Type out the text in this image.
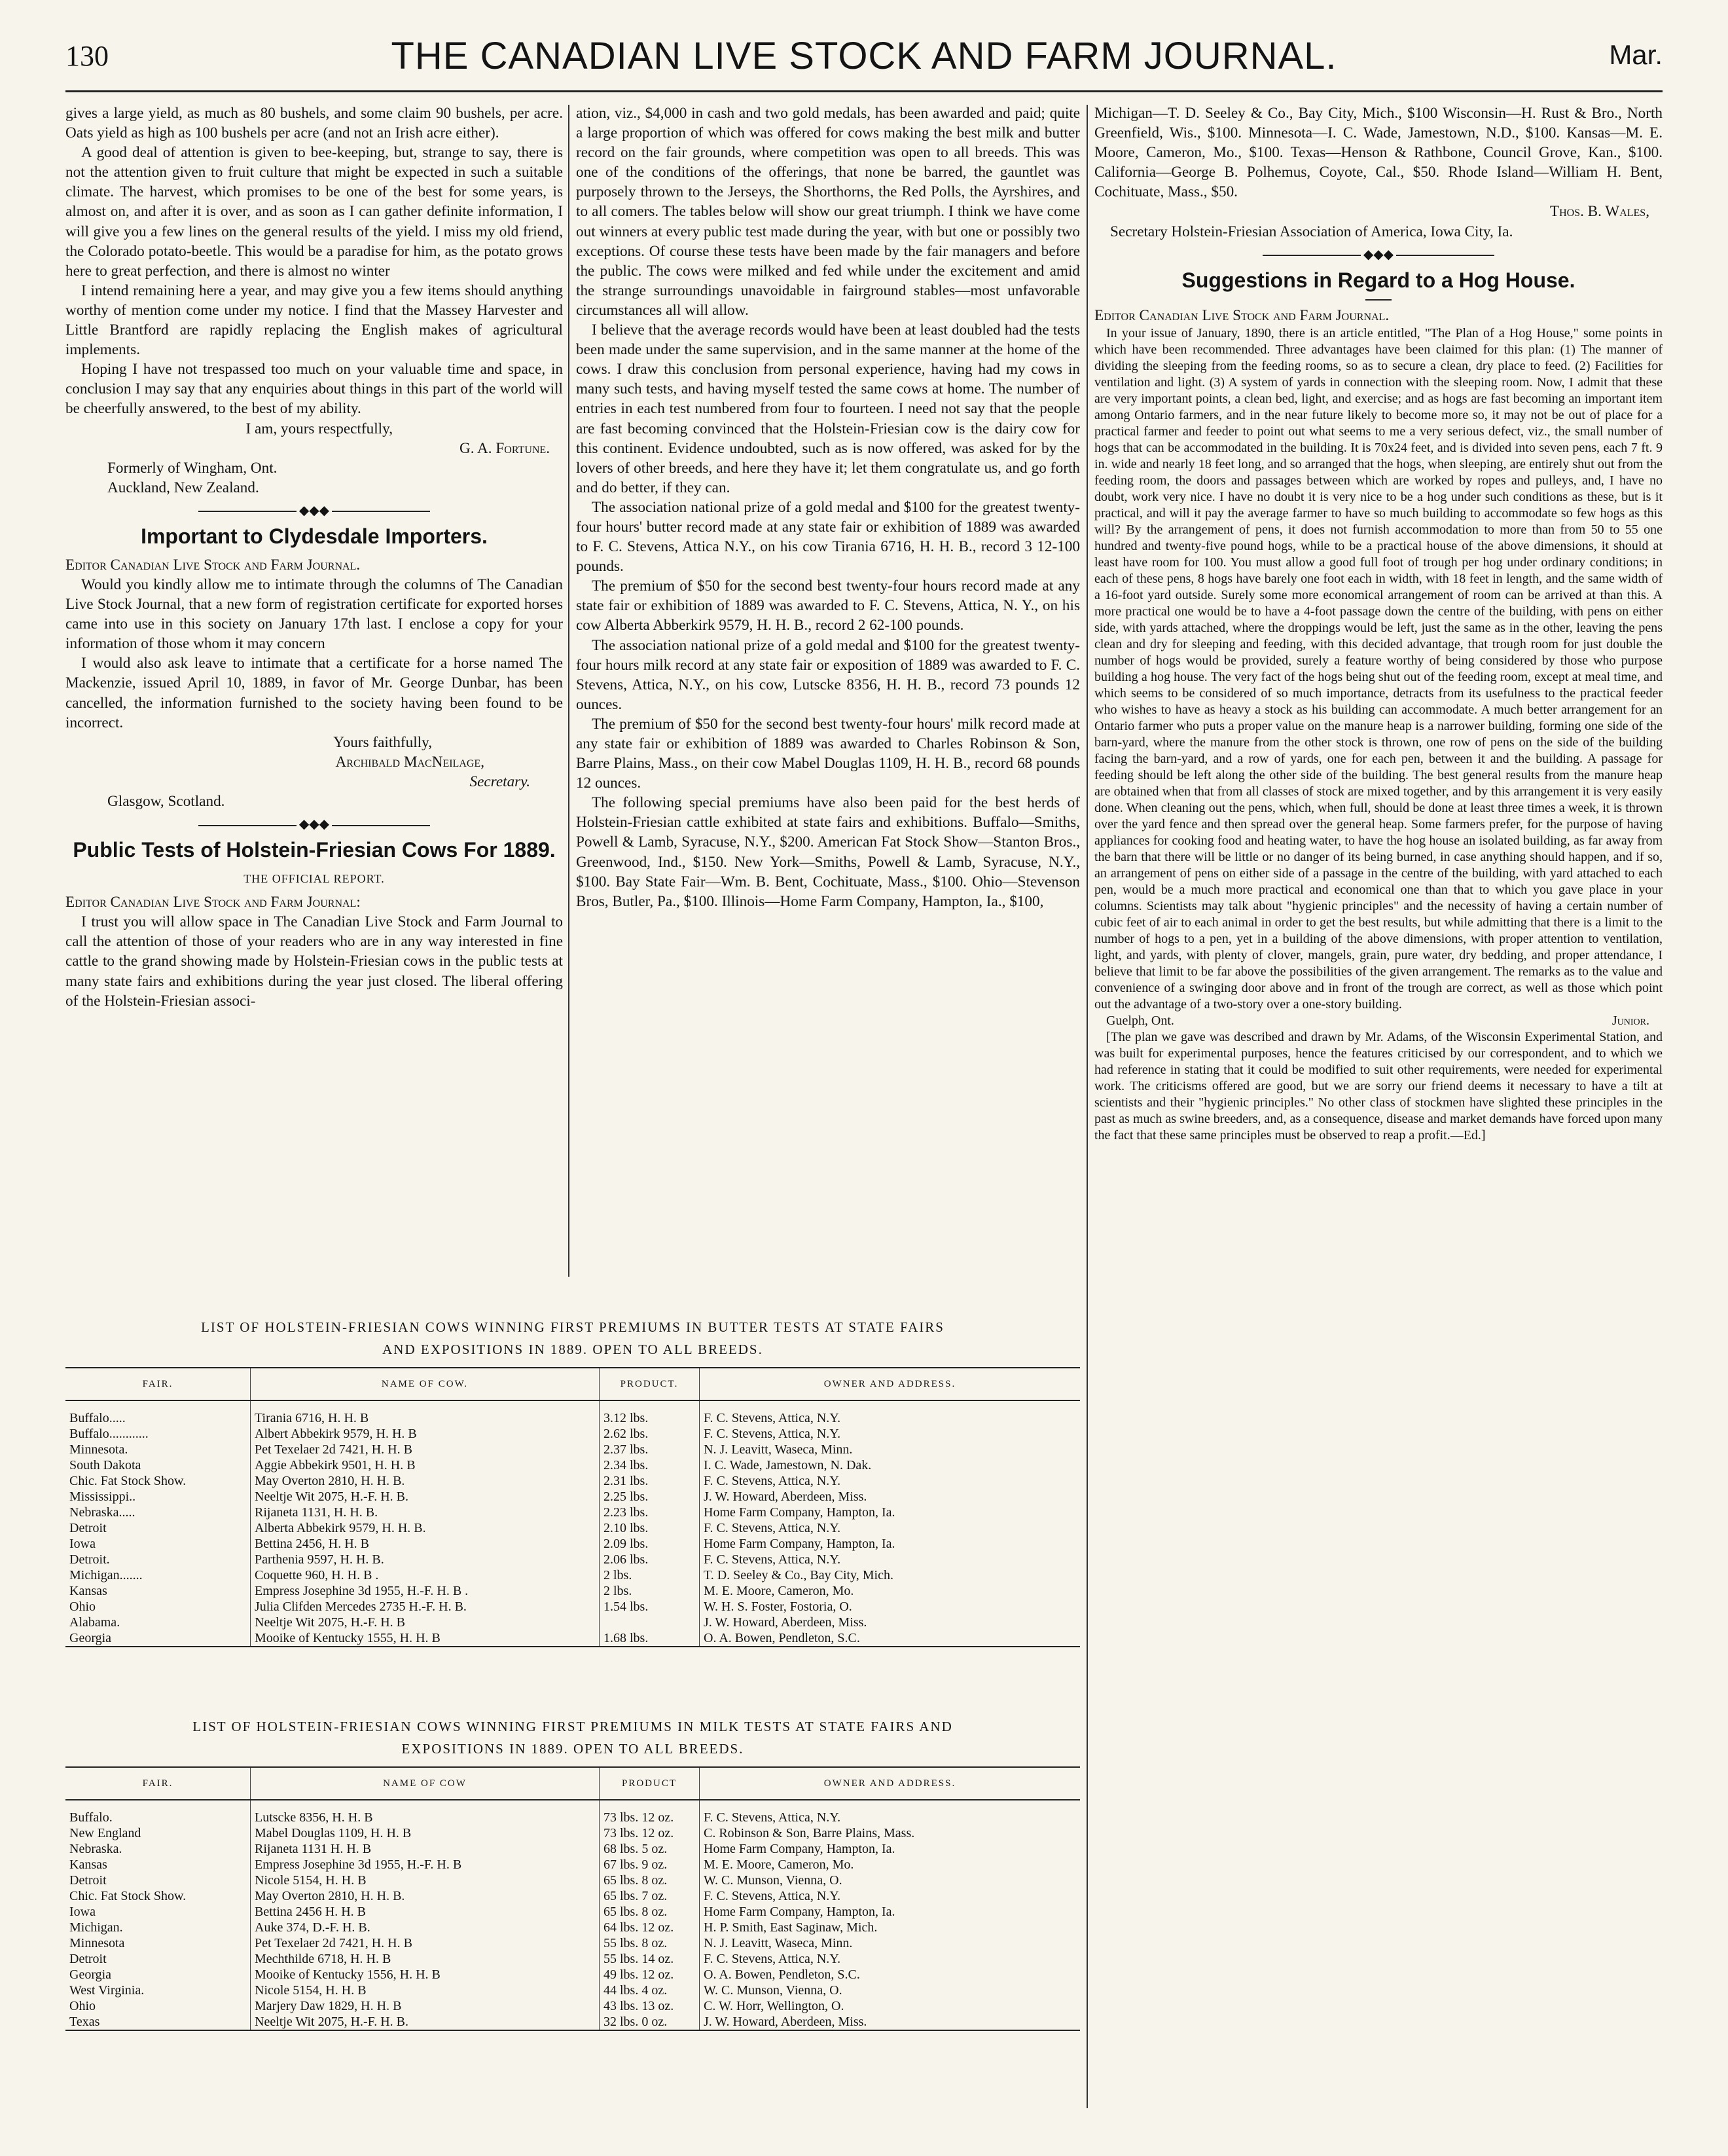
130	THE CANADIAN LIVE STOCK AND FARM JOURNAL.	Mar.

gives a large yield, as much as 80 bushels, and some claim 90 bushels, per acre. Oats yield as high as 100 bushels per acre (and not an Irish acre either).

A good deal of attention is given to bee-keeping, but, strange to say, there is not the attention given to fruit culture that might be expected in such a suitable climate. The harvest, which promises to be one of the best for some years, is almost on, and after it is over, and as soon as I can gather definite information, I will give you a few lines on the general results of the yield. I miss my old friend, the Colorado potato-beetle. This would be a paradise for him, as the potato grows here to great perfection, and there is almost no winter

I intend remaining here a year, and may give you a few items should anything worthy of mention come under my notice. I find that the Massey Harvester and Little Brantford are rapidly replacing the English makes of agricultural implements.

Hoping I have not trespassed too much on your valuable time and space, in conclusion I may say that any enquiries about things in this part of the world will be cheerfully answered, to the best of my ability.

I am, yours respectfully,

G. A. Fortune.

Formerly of Wingham, Ont.

Auckland, New Zealand.

◆◆◆
Important to Clydesdale Importers.

Editor Canadian Live Stock and Farm Journal.

Would you kindly allow me to intimate through the columns of The Canadian Live Stock Journal, that a new form of registration certificate for exported horses came into use in this society on January 17th last. I enclose a copy for your information of those whom it may concern

I would also ask leave to intimate that a certificate for a horse named The Mackenzie, issued April 10, 1889, in favor of Mr. George Dunbar, has been cancelled, the information furnished to the society having been found to be incorrect.

Yours faithfully,

Archibald MacNeilage,

Secretary.

Glasgow, Scotland.

◆◆◆
Public Tests of Holstein-Friesian Cows For 1889.
THE OFFICIAL REPORT.

Editor Canadian Live Stock and Farm Journal:

I trust you will allow space in The Canadian Live Stock and Farm Journal to call the attention of those of your readers who are in any way interested in fine cattle to the grand showing made by Holstein-Friesian cows in the public tests at many state fairs and exhibitions during the year just closed. The liberal offering of the Holstein-Friesian associ-

ation, viz., $4,000 in cash and two gold medals, has been awarded and paid; quite a large proportion of which was offered for cows making the best milk and butter record on the fair grounds, where competition was open to all breeds. This was one of the conditions of the offerings, that none be barred, the gauntlet was purposely thrown to the Jerseys, the Shorthorns, the Red Polls, the Ayrshires, and to all comers. The tables below will show our great triumph. I think we have come out winners at every public test made during the year, with but one or possibly two exceptions. Of course these tests have been made by the fair managers and before the public. The cows were milked and fed while under the excitement and amid the strange surroundings unavoidable in fairground stables—most unfavorable circumstances all will allow.

I believe that the average records would have been at least doubled had the tests been made under the same supervision, and in the same manner at the home of the cows. I draw this conclusion from personal experience, having had my cows in many such tests, and having myself tested the same cows at home. The number of entries in each test numbered from four to fourteen. I need not say that the people are fast becoming convinced that the Holstein-Friesian cow is the dairy cow for this continent. Evidence undoubted, such as is now offered, was asked for by the lovers of other breeds, and here they have it; let them congratulate us, and go forth and do better, if they can.

The association national prize of a gold medal and $100 for the greatest twenty-four hours' butter record made at any state fair or exhibition of 1889 was awarded to F. C. Stevens, Attica N.Y., on his cow Tirania 6716, H. H. B., record 3 12-100 pounds.

The premium of $50 for the second best twenty-four hours record made at any state fair or exhibition of 1889 was awarded to F. C. Stevens, Attica, N. Y., on his cow Alberta Abberkirk 9579, H. H. B., record 2 62-100 pounds.

The association national prize of a gold medal and $100 for the greatest twenty-four hours milk record at any state fair or exposition of 1889 was awarded to F. C. Stevens, Attica, N.Y., on his cow, Lutscke 8356, H. H. B., record 73 pounds 12 ounces.

The premium of $50 for the second best twenty-four hours' milk record made at any state fair or exhibition of 1889 was awarded to Charles Robinson & Son, Barre Plains, Mass., on their cow Mabel Douglas 1109, H. H. B., record 68 pounds 12 ounces.

The following special premiums have also been paid for the best herds of Holstein-Friesian cattle exhibited at state fairs and exhibitions. Buffalo—Smiths, Powell & Lamb, Syracuse, N.Y., $200. American Fat Stock Show—Stanton Bros., Greenwood, Ind., $150. New York—Smiths, Powell & Lamb, Syracuse, N.Y., $100. Bay State Fair—Wm. B. Bent, Cochituate, Mass., $100. Ohio—Stevenson Bros, Butler, Pa., $100. Illinois—Home Farm Company, Hampton, Ia., $100,

Michigan—T. D. Seeley & Co., Bay City, Mich., $100 Wisconsin—H. Rust & Bro., North Greenfield, Wis., $100. Minnesota—I. C. Wade, Jamestown, N.D., $100. Kansas—M. E. Moore, Cameron, Mo., $100. Texas—Henson & Rathbone, Council Grove, Kan., $100. California—George B. Polhemus, Coyote, Cal., $50. Rhode Island—William H. Bent, Cochituate, Mass., $50.

Thos. B. Wales,

Secretary Holstein-Friesian Association of America, Iowa City, Ia.

◆◆◆
Suggestions in Regard to a Hog House.

Editor Canadian Live Stock and Farm Journal.

In your issue of January, 1890, there is an article entitled, "The Plan of a Hog House," some points in which have been recommended. Three advantages have been claimed for this plan: (1) The manner of dividing the sleeping from the feeding rooms, so as to secure a clean, dry place to feed. (2) Facilities for ventilation and light. (3) A system of yards in connection with the sleeping room. Now, I admit that these are very important points, a clean bed, light, and exercise; and as hogs are fast becoming an important item among Ontario farmers, and in the near future likely to become more so, it may not be out of place for a practical farmer and feeder to point out what seems to me a very serious defect, viz., the small number of hogs that can be accommodated in the building. It is 70x24 feet, and is divided into seven pens, each 7 ft. 9 in. wide and nearly 18 feet long, and so arranged that the hogs, when sleeping, are entirely shut out from the feeding room, the doors and passages between which are worked by ropes and pulleys, and, I have no doubt, work very nice. I have no doubt it is very nice to be a hog under such conditions as these, but is it practical, and will it pay the average farmer to have so much building to accommodate so few hogs as this will? By the arrangement of pens, it does not furnish accommodation to more than from 50 to 55 one hundred and twenty-five pound hogs, while to be a practical house of the above dimensions, it should at least have room for 100. You must allow a good full foot of trough per hog under ordinary conditions; in each of these pens, 8 hogs have barely one foot each in width, with 18 feet in length, and the same width of a 16-foot yard outside. Surely some more economical arrangement of room can be arrived at than this. A more practical one would be to have a 4-foot passage down the centre of the building, with pens on either side, with yards attached, where the droppings would be left, just the same as in the other, leaving the pens clean and dry for sleeping and feeding, with this decided advantage, that trough room for just double the number of hogs would be provided, surely a feature worthy of being considered by those who purpose building a hog house. The very fact of the hogs being shut out of the feeding room, except at meal time, and which seems to be considered of so much importance, detracts from its usefulness to the practical feeder who wishes to have as heavy a stock as his building can accommodate. A much better arrangement for an Ontario farmer who puts a proper value on the manure heap is a narrower building, forming one side of the barn-yard, where the manure from the other stock is thrown, one row of pens on the side of the building facing the barn-yard, and a row of yards, one for each pen, between it and the building. A passage for feeding should be left along the other side of the building. The best general results from the manure heap are obtained when that from all classes of stock are mixed together, and by this arrangement it is very easily done. When cleaning out the pens, which, when full, should be done at least three times a week, it is thrown over the yard fence and then spread over the general heap. Some farmers prefer, for the purpose of having appliances for cooking food and heating water, to have the hog house an isolated building, as far away from the barn that there will be little or no danger of its being burned, in case anything should happen, and if so, an arrangement of pens on either side of a passage in the centre of the building, with yard attached to each pen, would be a much more practical and economical one than that to which you gave place in your columns. Scientists may talk about "hygienic principles" and the necessity of having a certain number of cubic feet of air to each animal in order to get the best results, but while admitting that there is a limit to the number of hogs to a pen, yet in a building of the above dimensions, with proper attention to ventilation, light, and yards, with plenty of clover, mangels, grain, pure water, dry bedding, and proper attendance, I believe that limit to be far above the possibilities of the given arrangement. The remarks as to the value and convenience of a swinging door above and in front of the trough are correct, as well as those which point out the advantage of a two-story over a one-story building.

Guelph, Ont.	Junior.

[The plan we gave was described and drawn by Mr. Adams, of the Wisconsin Experimental Station, and was built for experimental purposes, hence the features criticised by our correspondent, and to which we had reference in stating that it could be modified to suit other requirements, were needed for experimental work. The criticisms offered are good, but we are sorry our friend deems it necessary to have a tilt at scientists and their "hygienic principles." No other class of stockmen have slighted these principles in the past as much as swine breeders, and, as a consequence, disease and market demands have forced upon many the fact that these same principles must be observed to reap a profit.—Ed.]

LIST OF HOLSTEIN-FRIESIAN COWS WINNING FIRST PREMIUMS IN BUTTER TESTS AT STATE FAIRS
AND EXPOSITIONS IN 1889. OPEN TO ALL BREEDS.
FAIR.	NAME OF COW.	PRODUCT.	OWNER AND ADDRESS.
Buffalo.....	Tirania 6716, H. H. B	3.12 lbs.	F. C. Stevens, Attica, N.Y.
Buffalo............	Albert Abbekirk 9579, H. H. B	2.62 lbs.	F. C. Stevens, Attica, N.Y.
Minnesota.	Pet Texelaer 2d 7421, H. H. B	2.37 lbs.	N. J. Leavitt, Waseca, Minn.
South Dakota	Aggie Abbekirk 9501, H. H. B	2.34 lbs.	I. C. Wade, Jamestown, N. Dak.
Chic. Fat Stock Show.	May Overton 2810, H. H. B.	2.31 lbs.	F. C. Stevens, Attica, N.Y.
Mississippi..	Neeltje Wit 2075, H.-F. H. B.	2.25 lbs.	J. W. Howard, Aberdeen, Miss.
Nebraska.....	Rijaneta 1131, H. H. B.	2.23 lbs.	Home Farm Company, Hampton, Ia.
Detroit	Alberta Abbekirk 9579, H. H. B.	2.10 lbs.	F. C. Stevens, Attica, N.Y.
Iowa	Bettina 2456, H. H. B	2.09 lbs.	Home Farm Company, Hampton, Ia.
Detroit.	Parthenia 9597, H. H. B.	2.06 lbs.	F. C. Stevens, Attica, N.Y.
Michigan.......	Coquette 960, H. H. B .	2 lbs.	T. D. Seeley & Co., Bay City, Mich.
Kansas	Empress Josephine 3d 1955, H.-F. H. B .	2 lbs.	M. E. Moore, Cameron, Mo.
Ohio	Julia Clifden Mercedes 2735 H.-F. H. B.	1.54 lbs.	W. H. S. Foster, Fostoria, O.
Alabama.	Neeltje Wit 2075, H.-F. H. B		J. W. Howard, Aberdeen, Miss.
Georgia	Mooike of Kentucky 1555, H. H. B	1.68 lbs.	O. A. Bowen, Pendleton, S.C.
LIST OF HOLSTEIN-FRIESIAN COWS WINNING FIRST PREMIUMS IN MILK TESTS AT STATE FAIRS AND
EXPOSITIONS IN 1889. OPEN TO ALL BREEDS.
FAIR.	NAME OF COW	PRODUCT	OWNER AND ADDRESS.
Buffalo.	Lutscke 8356, H. H. B	73 lbs. 12 oz.	F. C. Stevens, Attica, N.Y.
New England	Mabel Douglas 1109, H. H. B	73 lbs. 12 oz.	C. Robinson & Son, Barre Plains, Mass.
Nebraska.	Rijaneta 1131 H. H. B	68 lbs. 5 oz.	Home Farm Company, Hampton, Ia.
Kansas	Empress Josephine 3d 1955, H.-F. H. B	67 lbs. 9 oz.	M. E. Moore, Cameron, Mo.
Detroit	Nicole 5154, H. H. B	65 lbs. 8 oz.	W. C. Munson, Vienna, O.
Chic. Fat Stock Show.	May Overton 2810, H. H. B.	65 lbs. 7 oz.	F. C. Stevens, Attica, N.Y.
Iowa	Bettina 2456 H. H. B	65 lbs. 8 oz.	Home Farm Company, Hampton, Ia.
Michigan.	Auke 374, D.-F. H. B.	64 lbs. 12 oz.	H. P. Smith, East Saginaw, Mich.
Minnesota	Pet Texelaer 2d 7421, H. H. B	55 lbs. 8 oz.	N. J. Leavitt, Waseca, Minn.
Detroit	Mechthilde 6718, H. H. B	55 lbs. 14 oz.	F. C. Stevens, Attica, N.Y.
Georgia	Mooike of Kentucky 1556, H. H. B	49 lbs. 12 oz.	O. A. Bowen, Pendleton, S.C.
West Virginia.	Nicole 5154, H. H. B	44 lbs. 4 oz.	W. C. Munson, Vienna, O.
Ohio	Marjery Daw 1829, H. H. B	43 lbs. 13 oz.	C. W. Horr, Wellington, O.
Texas	Neeltje Wit 2075, H.-F. H. B.	32 lbs. 0 oz.	J. W. Howard, Aberdeen, Miss.
